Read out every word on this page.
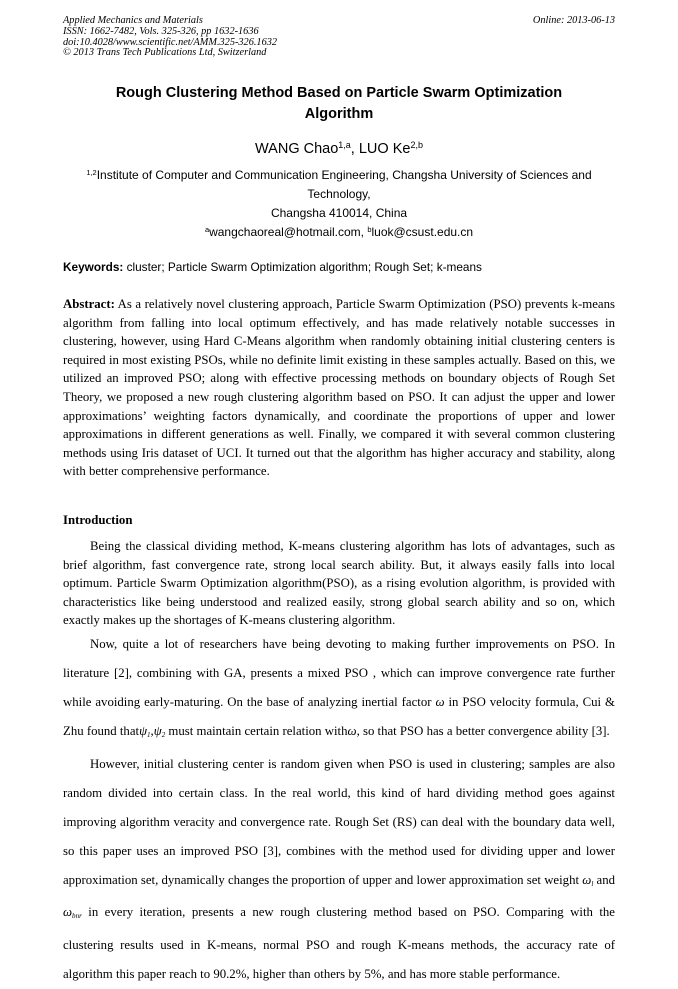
Applied Mechanics and Materials
ISSN: 1662-7482, Vols. 325-326, pp 1632-1636
doi:10.4028/www.scientific.net/AMM.325-326.1632
© 2013 Trans Tech Publications Ltd, Switzerland
Online: 2013-06-13
Rough Clustering Method Based on Particle Swarm Optimization
Algorithm
WANG Chao$^{1,a}$, LUO Ke$^{2,b}$
$^{1,2}$Institute of Computer and Communication Engineering, Changsha University of Sciences and
Technology,
Changsha 410014, China
$^a$wangchaoreal@hotmail.com, $^b$luok@csust.edu.cn
Keywords: cluster; Particle Swarm Optimization algorithm; Rough Set; k-means
Abstract: As a relatively novel clustering approach, Particle Swarm Optimization (PSO) prevents k-means algorithm from falling into local optimum effectively, and has made relatively notable successes in clustering, however, using Hard C-Means algorithm when randomly obtaining initial clustering centers is required in most existing PSOs, while no definite limit existing in these samples actually. Based on this, we utilized an improved PSO; along with effective processing methods on boundary objects of Rough Set Theory, we proposed a new rough clustering algorithm based on PSO. It can adjust the upper and lower approximations’ weighting factors dynamically, and coordinate the proportions of upper and lower approximations in different generations as well. Finally, we compared it with several common clustering methods using Iris dataset of UCI. It turned out that the algorithm has higher accuracy and stability, along with better comprehensive performance.
Introduction

Being the classical dividing method, K-means clustering algorithm has lots of advantages, such as brief algorithm, fast convergence rate, strong local search ability. But, it always easily falls into local optimum. Particle Swarm Optimization algorithm(PSO), as a rising evolution algorithm, is provided with characteristics like being understood and realized easily, strong global search ability and so on, which exactly makes up the shortages of K-means clustering algorithm.

Now, quite a lot of researchers have being devoting to making further improvements on PSO. In literature [2], combining with GA, presents a mixed PSO , which can improve convergence rate further while avoiding early-maturing. On the base of analyzing inertial factor ω in PSO velocity formula, Cui & Zhu found $that\psi_1,\psi_2$ must maintain certain relation withω, so that PSO has a better convergence ability [3].

However, initial clustering center is random given when PSO is used in clustering; samples are also random divided into certain class. In the real world, this kind of hard dividing method goes against improving algorithm veracity and convergence rate. Rough Set (RS) can deal with the boundary data well, so this paper uses an improved PSO [3], combines with the method used for dividing upper and lower approximation set, dynamically changes the proportion of upper and lower approximation set weight $\omega_l$ and $\omega_{bnr}$ in every iteration, presents a new rough clustering method based on PSO. Comparing with the clustering results used in K-means, normal PSO and rough K-means methods, the accuracy rate of algorithm this paper reach to 90.2%, higher than others by 5%, and has more stable performance.
